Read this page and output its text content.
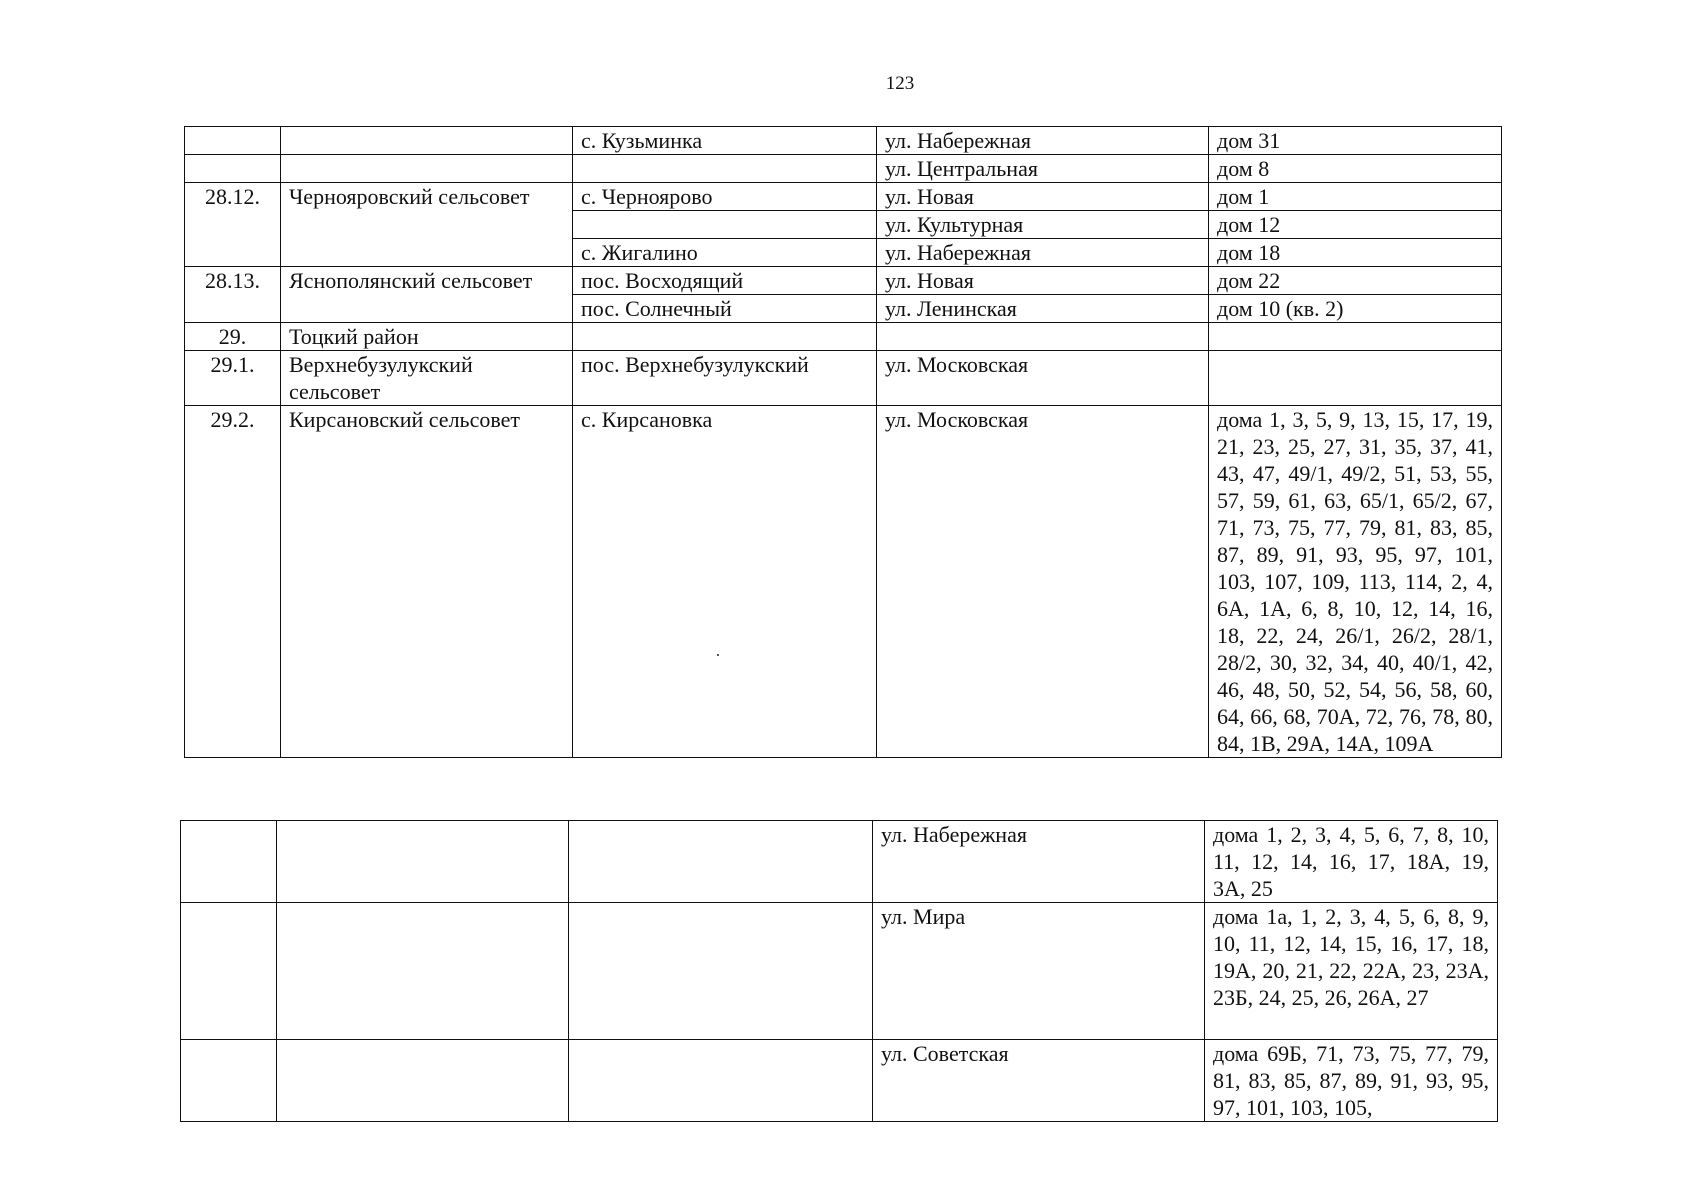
123
		с. Кузьминка	ул. Набережная	дом 31
			ул. Центральная	дом 8
28.12.	Чернояровский сельсовет	с. Черноярово	ул. Новая	дом 1
			ул. Культурная	дом 12
		с. Жигалино	ул. Набережная	дом 18
28.13.	Яснополянский сельсовет	пос. Восходящий	ул. Новая	дом 22
		пос. Солнечный	ул. Ленинская	дом 10 (кв. 2)
29.	Тоцкий район			
29.1.	Верхнебузулукский сельсовет	пос. Верхнебузулукский	ул. Московская	
29.2.	Кирсановский сельсовет	с. Кирсановка	ул. Московская	дома 1, 3, 5, 9, 13, 15, 17, 19, 21, 23, 25, 27, 31, 35, 37, 41, 43, 47, 49/1, 49/2, 51, 53, 55, 57, 59, 61, 63, 65/1, 65/2, 67, 71, 73, 75, 77, 79, 81, 83, 85, 87, 89, 91, 93, 95, 97, 101, 103, 107, 109, 113, 114, 2, 4, 6А, 1А, 6, 8, 10, 12, 14, 16, 18, 22, 24, 26/1, 26/2, 28/1, 28/2, 30, 32, 34, 40, 40/1, 42, 46, 48, 50, 52, 54, 56, 58, 60, 64, 66, 68, 70А, 72, 76, 78, 80, 84, 1В, 29А, 14А, 109А
			ул. Набережная	дома 1, 2, 3, 4, 5, 6, 7, 8, 10, 11, 12, 14, 16, 17, 18А, 19, 3А, 25
			ул. Мира	дома 1а, 1, 2, 3, 4, 5, 6, 8, 9, 10, 11, 12, 14, 15, 16, 17, 18, 19А, 20, 21, 22, 22А, 23, 23А, 23Б, 24, 25, 26, 26А, 27
			ул. Советская	дома 69Б, 71, 73, 75, 77, 79, 81, 83, 85, 87, 89, 91, 93, 95, 97, 101, 103, 105,
